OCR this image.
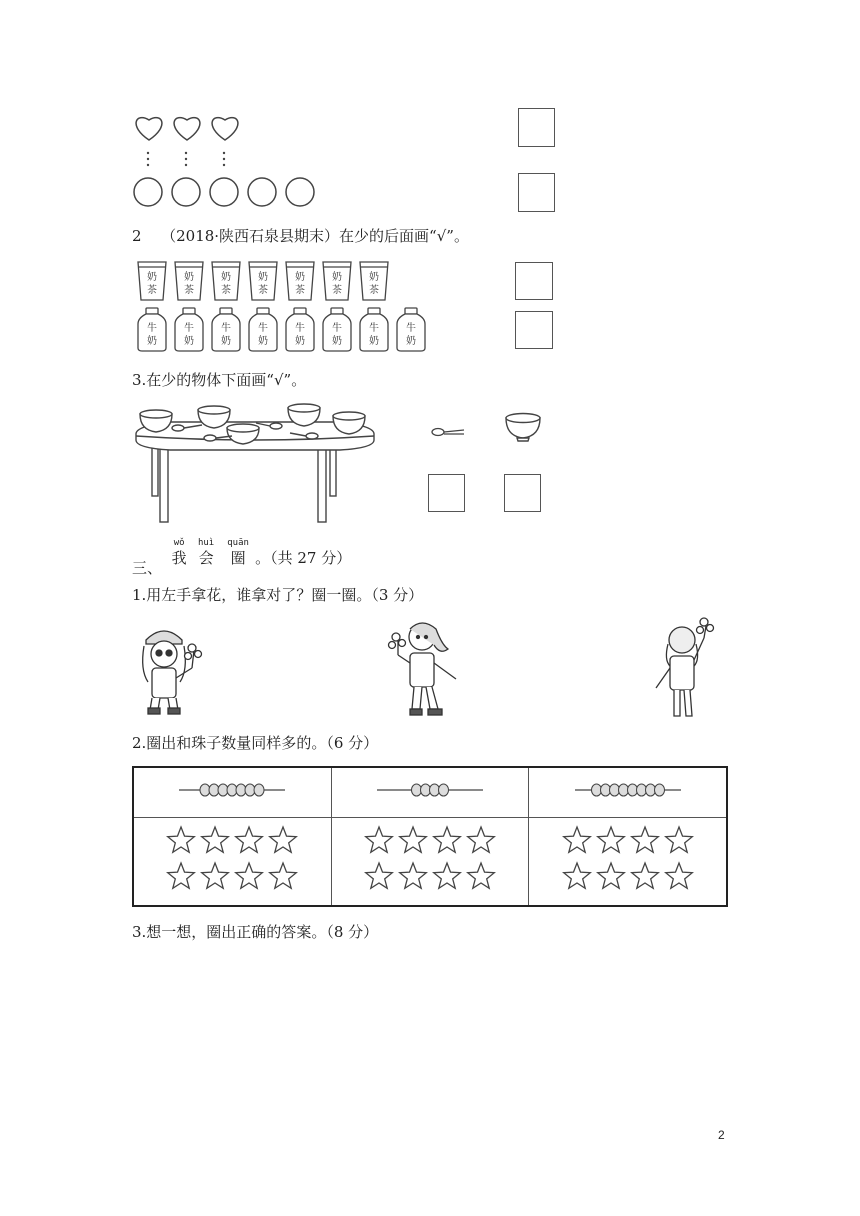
2 （2018·陕西石泉县期末）在少的后面画“√”。
奶
茶
奶
茶
奶
茶
奶
茶
奶
茶
奶
茶
奶
茶
牛
奶
牛
奶
牛
奶
牛
奶
牛
奶
牛
奶
牛
奶
牛
奶
3.在少的物体下面画“√”。
三、
wǒ
我
huì
会
quān
圈 。（共 27 分）
1.用左手拿花，谁拿对了？圈一圈。（3 分）
2.圈出和珠子数量同样多的。（6 分）

3.想一想，圈出正确的答案。（8 分）
2
